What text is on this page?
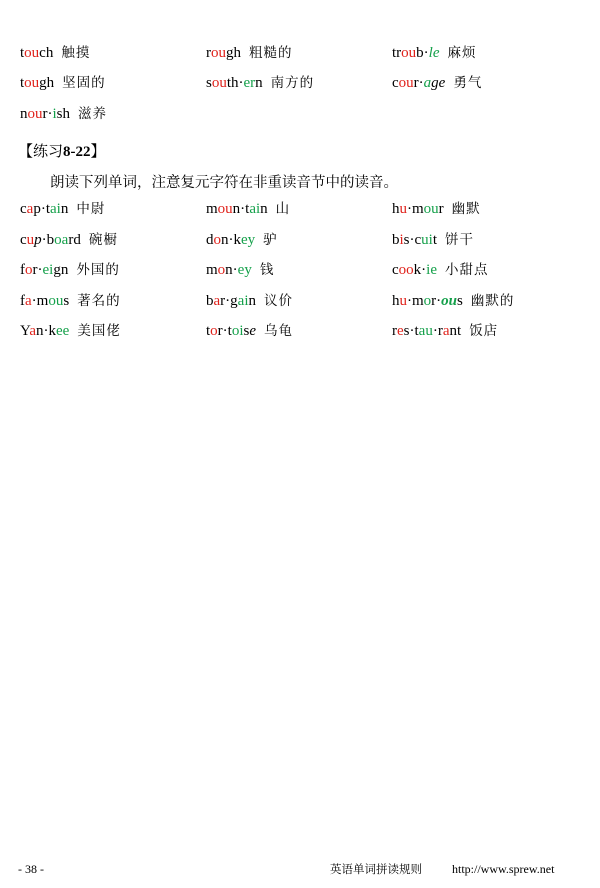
touch 触摸	rough 粗糙的	troub·le 麻烦
tough 坚固的	south·ern 南方的	cour·age 勇气
nour·ish 滋养
【练习8-22】
朗读下列单词，注意复元字符在非重读音节中的读音。
cap·tain 中尉	moun·tain 山	hu·mour 幽默
cup·board 碗橱	don·key 驴	bis·cuit 饼干
for·eign 外国的	mon·ey 钱	cook·ie 小甜点
fa·mous 著名的	bar·gain 议价	hu·mor·ous 幽默的
Yan·kee 美国佬	tor·toise 乌龟	res·tau·rant 饭店
- 38 -	英语单词拼读规则	http://www.sprew.net
